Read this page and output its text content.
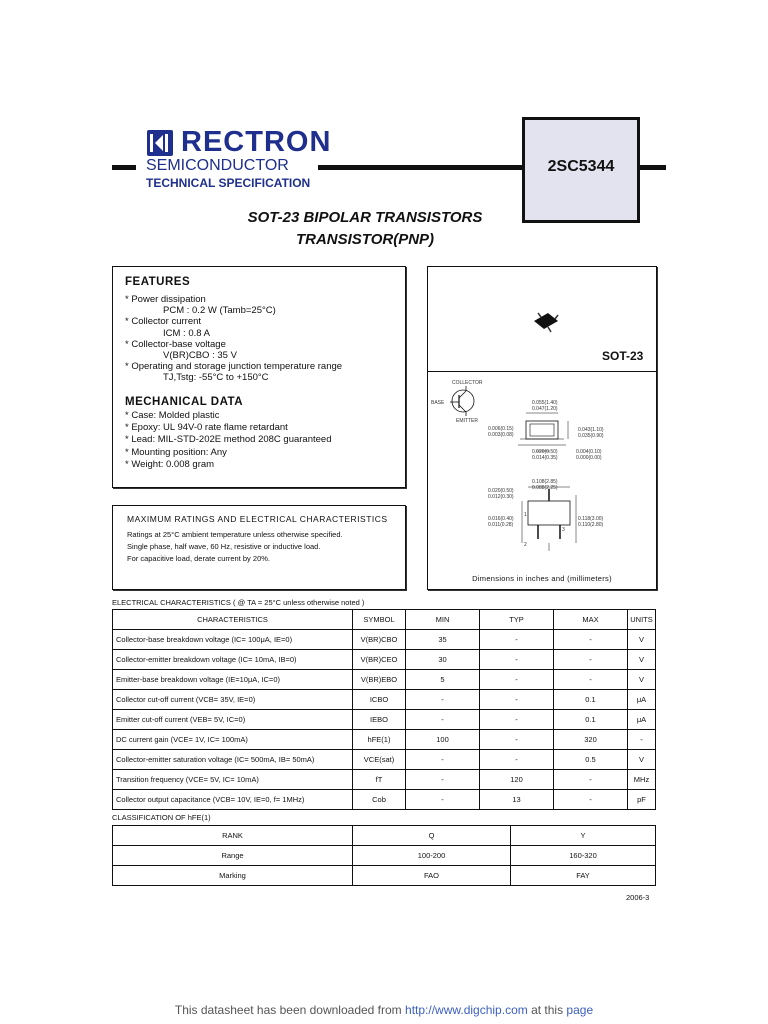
RECTRON
SEMICONDUCTOR
TECHNICAL SPECIFICATION
2SC5344
SOT-23 BIPOLAR TRANSISTORS
TRANSISTOR(PNP)
FEATURES
* Power dissipation
PCM : 0.2 W (Tamb=25°C)
* Collector current
ICM : 0.8 A
* Collector-base voltage
V(BR)CBO : 35 V
* Operating and storage junction temperature range
TJ,Tstg: -55°C to +150°C
MECHANICAL DATA
* Case: Molded plastic
* Epoxy: UL 94V-0 rate flame retardant
* Lead: MIL-STD-202E method 208C guaranteed
* Mounting position: Any
* Weight: 0.008 gram
MAXIMUM RATINGS AND ELECTRICAL CHARACTERISTICS
Ratings at 25°C ambient temperature unless otherwise specified.
Single phase, half wave, 60 Hz, resistive or inductive load.
For capacitive load, derate current by 20%.
SOT-23
COLLECTOR
BASE
EMITTER
0.055(1.40)
0.047(1.20)
0.006(0.15)
0.003(0.08)
0.043(1.10)
0.035(0.90)
0.020(0.50)
0.014(0.35)
0.004(0.10)
0.000(0.00)
0.108(2.85)
0.088(2.25)
0.020(0.50)
0.012(0.30)
0.016(0.40)
0.011(0.28)
0.118(3.00)
0.110(2.80)
1
2
3
Dimensions in inches and (millimeters)
ELECTRICAL CHARACTERISTICS ( @ TA = 25°C unless otherwise noted )
CHARACTERISTICS	SYMBOL	MIN	TYP	MAX	UNITS
Collector-base breakdown voltage (IC= 100μA, IE=0)	V(BR)CBO	35	-	-	V
Collector-emitter breakdown voltage (IC= 10mA, IB=0)	V(BR)CEO	30	-	-	V
Emitter-base breakdown voltage (IE=10μA, IC=0)	V(BR)EBO	5	-	-	V
Collector cut-off current (VCB= 35V, IE=0)	ICBO	-	-	0.1	μA
Emitter cut-off current (VEB= 5V, IC=0)	IEBO	-	-	0.1	μA
DC current gain (VCE= 1V, IC= 100mA)	hFE(1)	100	-	320	-
Collector-emitter saturation voltage (IC= 500mA, IB= 50mA)	VCE(sat)	-	-	0.5	V
Transition frequency (VCE= 5V, IC= 10mA)	fT	-	120	-	MHz
Collector output capacitance (VCB= 10V, IE=0, f= 1MHz)	Cob	-	13	-	pF
CLASSIFICATION OF hFE(1)
RANK	Q	Y
Range	100-200	160-320
Marking	FAO	FAY
2006-3
This datasheet has been downloaded from http://www.digchip.com at this page
